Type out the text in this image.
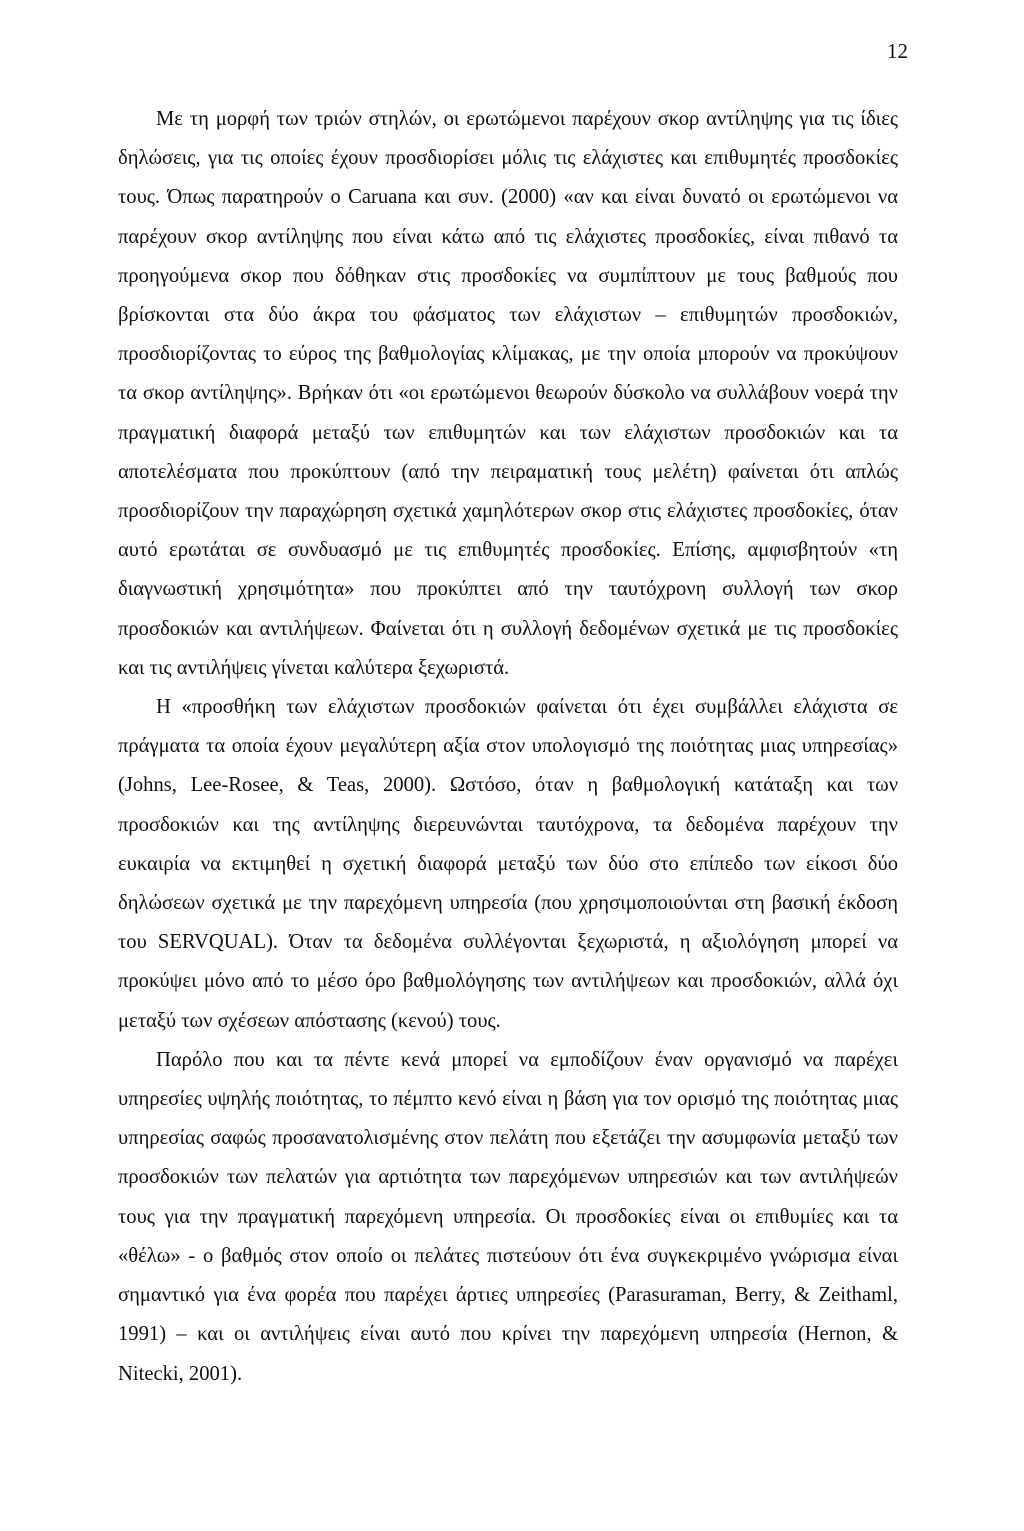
12

Με τη μορφή των τριών στηλών, οι ερωτώμενοι παρέχουν σκορ αντίληψης για τις ίδιες δηλώσεις, για τις οποίες έχουν προσδιορίσει μόλις τις ελάχιστες και επιθυμητές προσδοκίες τους. Όπως παρατηρούν ο Caruana και συν. (2000) «αν και είναι δυνατό οι ερωτώμενοι να παρέχουν σκορ αντίληψης που είναι κάτω από τις ελάχιστες προσδοκίες, είναι πιθανό τα προηγούμενα σκορ που δόθηκαν στις προσδοκίες να συμπίπτουν με τους βαθμούς που βρίσκονται στα δύο άκρα του φάσματος των ελάχιστων – επιθυμητών προσδοκιών, προσδιορίζοντας το εύρος της βαθμολογίας κλίμακας, με την οποία μπορούν να προκύψουν τα σκορ αντίληψης». Βρήκαν ότι «οι ερωτώμενοι θεωρούν δύσκολο να συλλάβουν νοερά την πραγματική διαφορά μεταξύ των επιθυμητών και των ελάχιστων προσδοκιών και τα αποτελέσματα που προκύπτουν (από την πειραματική τους μελέτη) φαίνεται ότι απλώς προσδιορίζουν την παραχώρηση σχετικά χαμηλότερων σκορ στις ελάχιστες προσδοκίες, όταν αυτό ερωτάται σε συνδυασμό με τις επιθυμητές προσδοκίες. Επίσης, αμφισβητούν «τη διαγνωστική χρησιμότητα» που προκύπτει από την ταυτόχρονη συλλογή των σκορ προσδοκιών και αντιλήψεων. Φαίνεται ότι η συλλογή δεδομένων σχετικά με τις προσδοκίες και τις αντιλήψεις γίνεται καλύτερα ξεχωριστά.

Η «προσθήκη των ελάχιστων προσδοκιών φαίνεται ότι έχει συμβάλλει ελάχιστα σε πράγματα τα οποία έχουν μεγαλύτερη αξία στον υπολογισμό της ποιότητας μιας υπηρεσίας» (Johns, Lee-Rosee, & Teas, 2000). Ωστόσο, όταν η βαθμολογική κατάταξη και των προσδοκιών και της αντίληψης διερευνώνται ταυτόχρονα, τα δεδομένα παρέχουν την ευκαιρία να εκτιμηθεί η σχετική διαφορά μεταξύ των δύο στο επίπεδο των είκοσι δύο δηλώσεων σχετικά με την παρεχόμενη υπηρεσία (που χρησιμοποιούνται στη βασική έκδοση του SERVQUAL). Όταν τα δεδομένα συλλέγονται ξεχωριστά, η αξιολόγηση μπορεί να προκύψει μόνο από το μέσο όρο βαθμολόγησης των αντιλήψεων και προσδοκιών, αλλά όχι μεταξύ των σχέσεων απόστασης (κενού) τους.

Παρόλο που και τα πέντε κενά μπορεί να εμποδίζουν έναν οργανισμό να παρέχει υπηρεσίες υψηλής ποιότητας, το πέμπτο κενό είναι η βάση για τον ορισμό της ποιότητας μιας υπηρεσίας σαφώς προσανατολισμένης στον πελάτη που εξετάζει την ασυμφωνία μεταξύ των προσδοκιών των πελατών για αρτιότητα των παρεχόμενων υπηρεσιών και των αντιλήψεών τους για την πραγματική παρεχόμενη υπηρεσία. Οι προσδοκίες είναι οι επιθυμίες και τα «θέλω» - ο βαθμός στον οποίο οι πελάτες πιστεύουν ότι ένα συγκεκριμένο γνώρισμα είναι σημαντικό για ένα φορέα που παρέχει άρτιες υπηρεσίες (Parasuraman, Berry, & Zeithaml, 1991) – και οι αντιλήψεις είναι αυτό που κρίνει την παρεχόμενη υπηρεσία (Hernon, & Nitecki, 2001).
